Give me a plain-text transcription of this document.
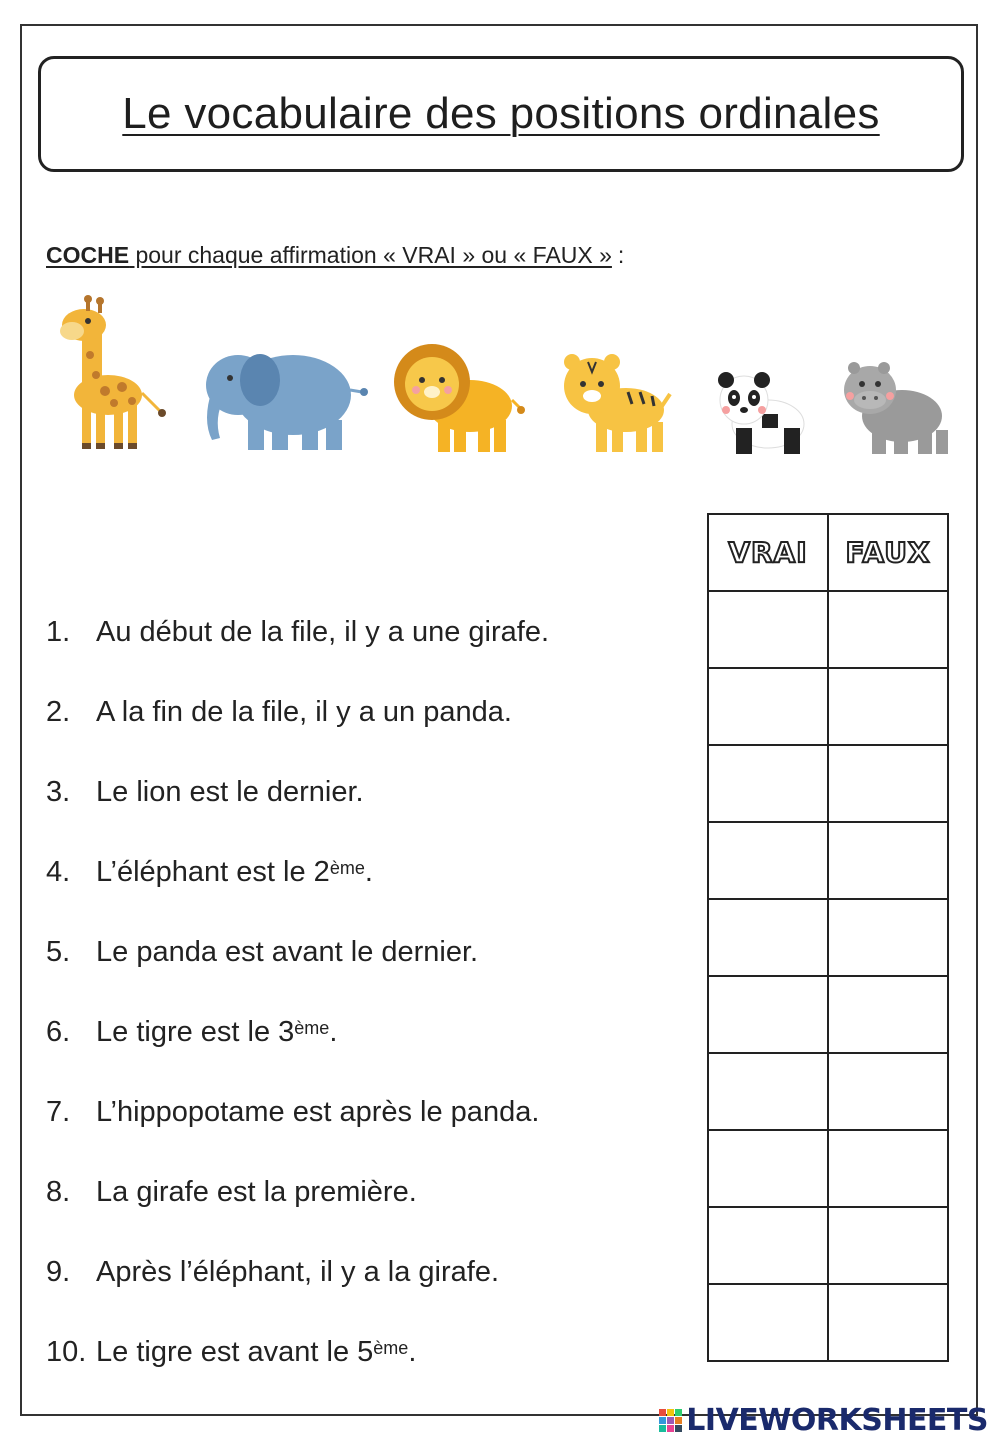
Le vocabulaire des positions ordinales
COCHE pour chaque affirmation « VRAI » ou « FAUX » :
1. Au début de la file, il y a une girafe.
2. A la fin de la file, il y a un panda.
3. Le lion est le dernier.
4. L’éléphant est le 2ème .
5. Le panda est avant le dernier.
6. Le tigre est le 3ème .
7. L’hippopotame est après le panda.
8. La girafe est la première.
9. Après l’éléphant, il y a la girafe.
10. Le tigre est avant le 5ème .
VRAI	FAUX

LIVEWORKSHEETS
